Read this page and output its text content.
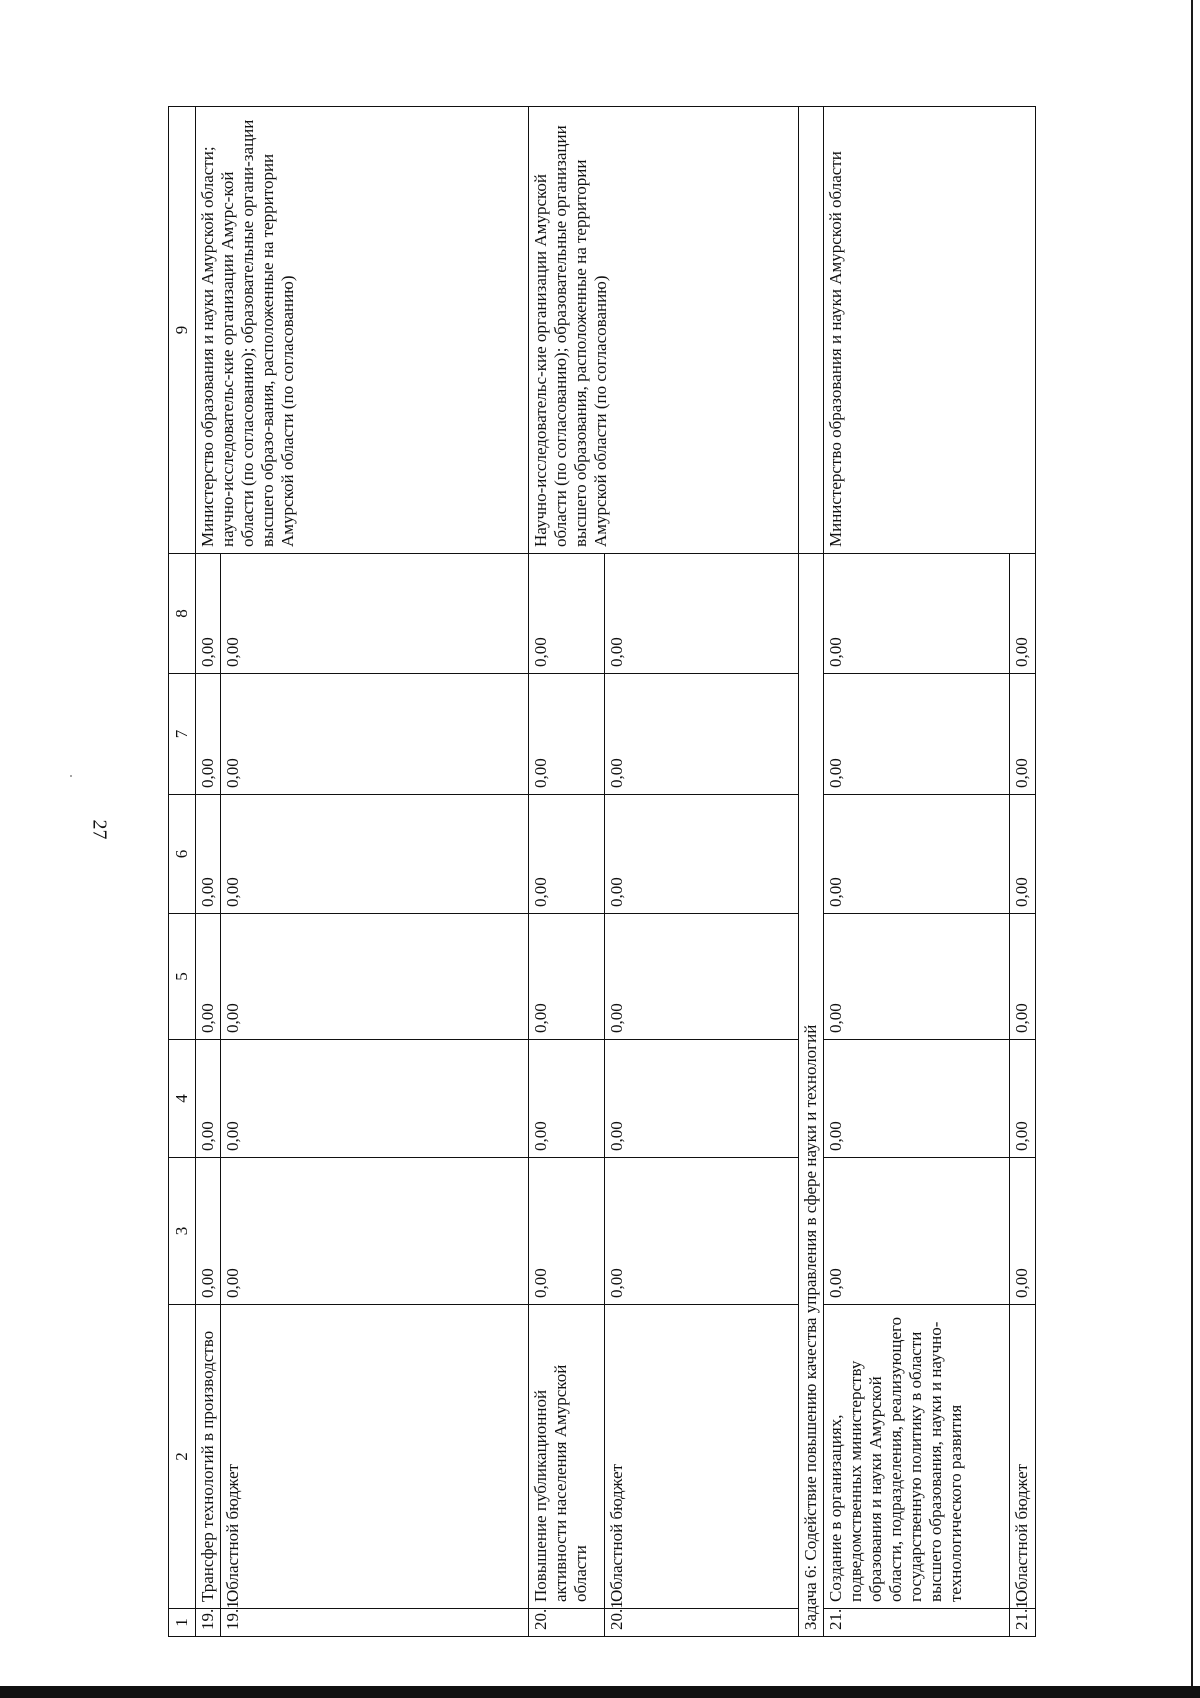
27
1	2	3	4	5	6	7	8	9
19.	Трансфер технологий в производство	0,00	0,00	0,00	0,00	0,00	0,00	Министерство образования и науки Амурской области; научно-исследовательс-кие организации Амурс-кой области (по согласованию); образовательные органи-зации высшего образо-вания, расположенные на территории Амурской области (по согласованию)
19.1.	Областной бюджет	0,00	0,00	0,00	0,00	0,00	0,00	
20.	Повышение публикационной активности населения Амурской области	0,00	0,00	0,00	0,00	0,00	0,00	Научно-исследовательс-кие организации Амурской области (по согласованию); образовательные организации высшего образования, расположенные на территории Амурской области (по согласованию)
20.1.	Областной бюджет	0,00	0,00	0,00	0,00	0,00	0,00	
Задача 6: Содействие повышению качества управления в сфере науки и технологий								
21.	Создание в организациях, подведомственных министерству образования и науки Амурской области, подразделения, реализующего государственную политику в области высшего образования, науки и научно-технологического развития	0,00	0,00	0,00	0,00	0,00	0,00	Министерство образования и науки Амурской области
21.1.	Областной бюджет	0,00	0,00	0,00	0,00	0,00	0,00	
